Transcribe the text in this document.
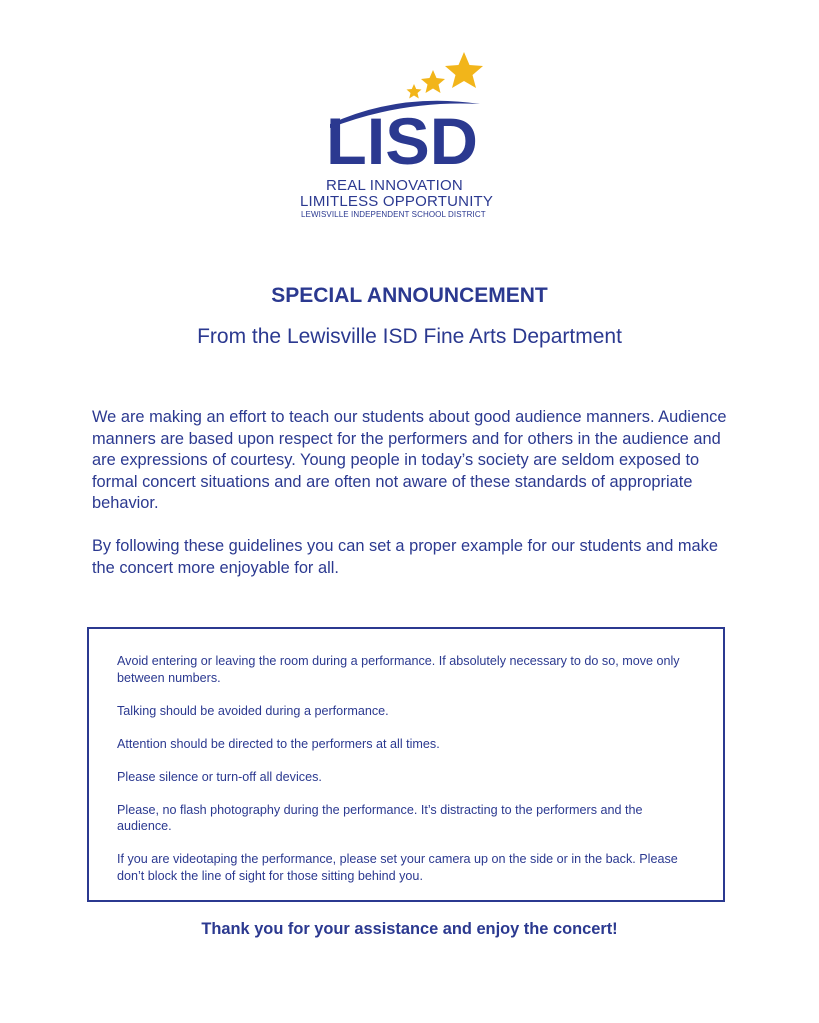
LISD
REAL INNOVATION
LIMITLESS OPPORTUNITY
LEWISVILLE INDEPENDENT SCHOOL DISTRICT
SPECIAL ANNOUNCEMENT
From the Lewisville ISD Fine Arts Department

We are making an effort to teach our students about good audience manners. Audience manners are based upon respect for the performers and for others in the audience and are expressions of courtesy. Young people in today’s society are seldom exposed to formal concert situations and are often not aware of these standards of appropriate behavior.

By following these guidelines you can set a proper example for our students and make the concert more enjoyable for all.

Avoid entering or leaving the room during a performance. If absolutely necessary to do so, move only between numbers.
Talking should be avoided during a performance.
Attention should be directed to the performers at all times.
Please silence or turn-off all devices.
Please, no flash photography during the performance. It’s distracting to the performers and the audience.
If you are videotaping the performance, please set your camera up on the side or in the back. Please don’t block the line of sight for those sitting behind you.

Thank you for your assistance and enjoy the concert!
